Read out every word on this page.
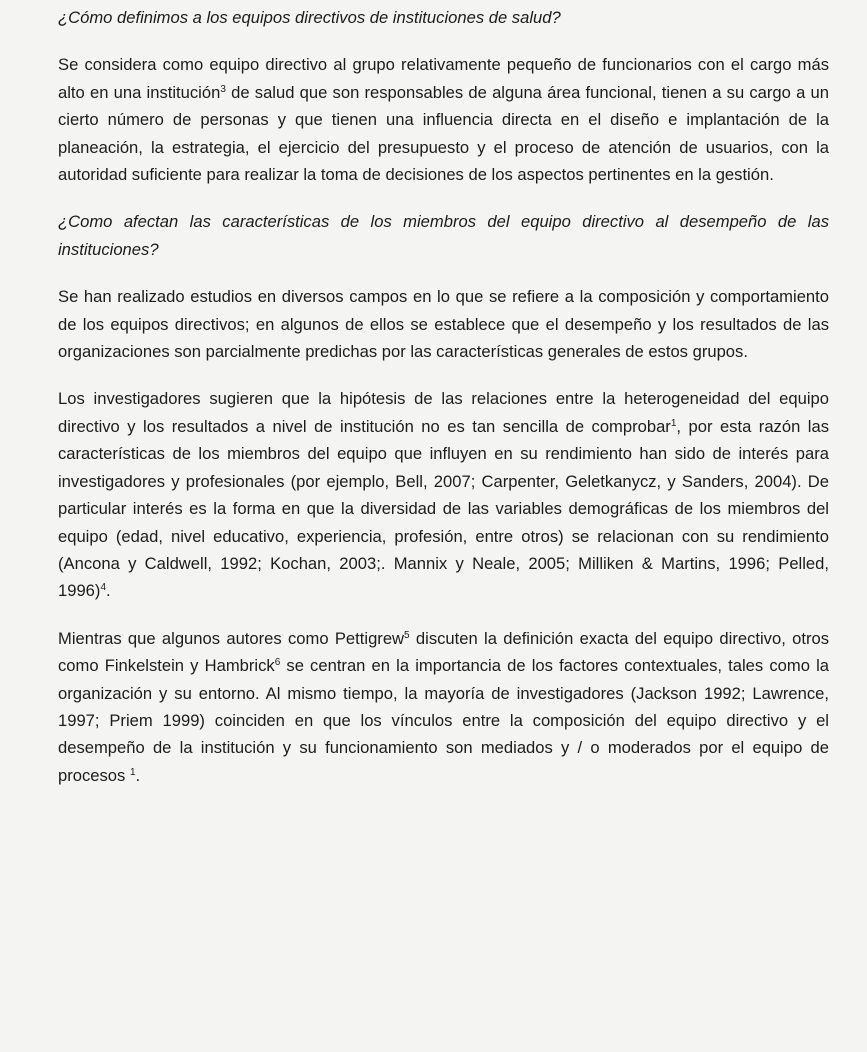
¿Cómo definimos a los equipos directivos de instituciones de salud?

Se considera como equipo directivo al grupo relativamente pequeño de funcionarios con el cargo más alto en una institución$^3$ de salud que son responsables de alguna área funcional, tienen a su cargo a un cierto número de personas y que tienen una influencia directa en el diseño e implantación de la planeación, la estrategia, el ejercicio del presupuesto y el proceso de atención de usuarios, con la autoridad suficiente para realizar la toma de decisiones de los aspectos pertinentes en la gestión.

¿Como afectan las características de los miembros del equipo directivo al desempeño de las instituciones?

Se han realizado estudios en diversos campos en lo que se refiere a la composición y comportamiento de los equipos directivos; en algunos de ellos se establece que el desempeño y los resultados de las organizaciones son parcialmente predichas por las características generales de estos grupos.

Los investigadores sugieren que la hipótesis de las relaciones entre la heterogeneidad del equipo directivo y los resultados a nivel de institución no es tan sencilla de comprobar$^1$, por esta razón las características de los miembros del equipo que influyen en su rendimiento han sido de interés para investigadores y profesionales (por ejemplo, Bell, 2007; Carpenter, Geletkanycz, y Sanders, 2004). De particular interés es la forma en que la diversidad de las variables demográficas de los miembros del equipo (edad, nivel educativo, experiencia, profesión, entre otros) se relacionan con su rendimiento (Ancona y Caldwell, 1992; Kochan, 2003;. Mannix y Neale, 2005; Milliken & Martins, 1996; Pelled, 1996)$^4$.

Mientras que algunos autores como Pettigrew$^5$ discuten la definición exacta del equipo directivo, otros como Finkelstein y Hambrick$^6$ se centran en la importancia de los factores contextuales, tales como la organización y su entorno. Al mismo tiempo, la mayoría de investigadores (Jackson 1992; Lawrence, 1997; Priem 1999) coinciden en que los vínculos entre la composición del equipo directivo y el desempeño de la institución y su funcionamiento son mediados y / o moderados por el equipo de procesos $^1$.
